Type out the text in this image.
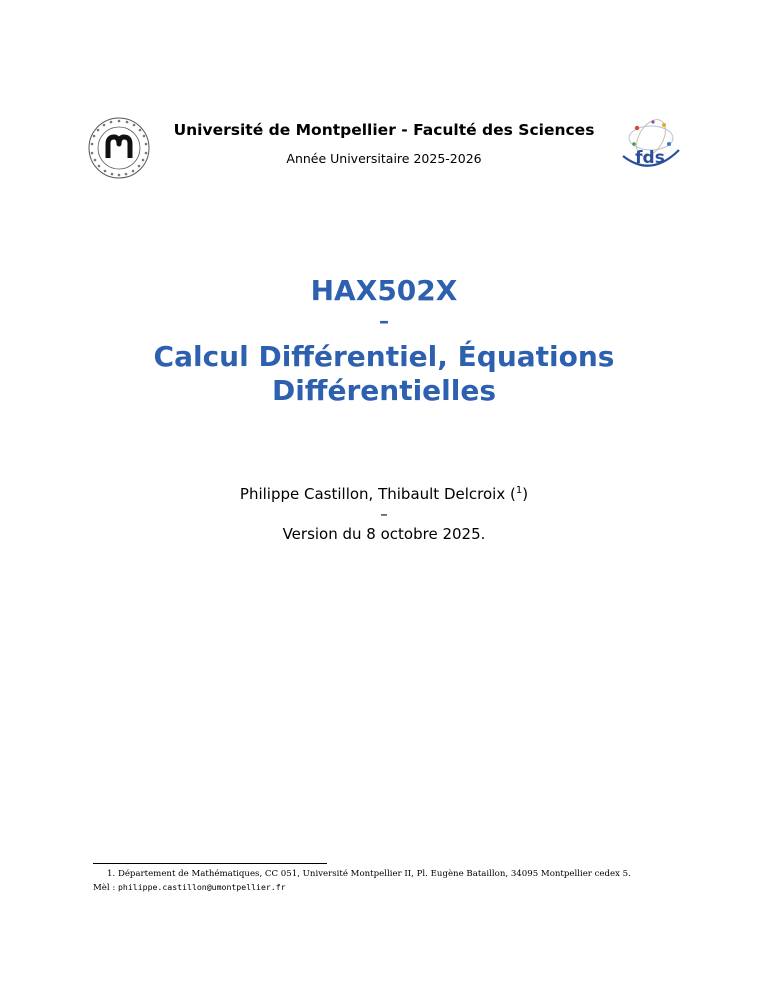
fds
Université de Montpellier - Faculté des Sciences
Année Universitaire 2025-2026
HAX502X
–
Calcul Différentiel, Équations
Différentielles
Philippe Castillon, Thibault Delcroix ($^1$)
–
Version du 8 octobre 2025.
1. Département de Mathématiques, CC 051, Université Montpellier II, Pl. Eugène Bataillon, 34095 Montpellier cedex 5.
Mèl : philippe.castillon@umontpellier.fr
